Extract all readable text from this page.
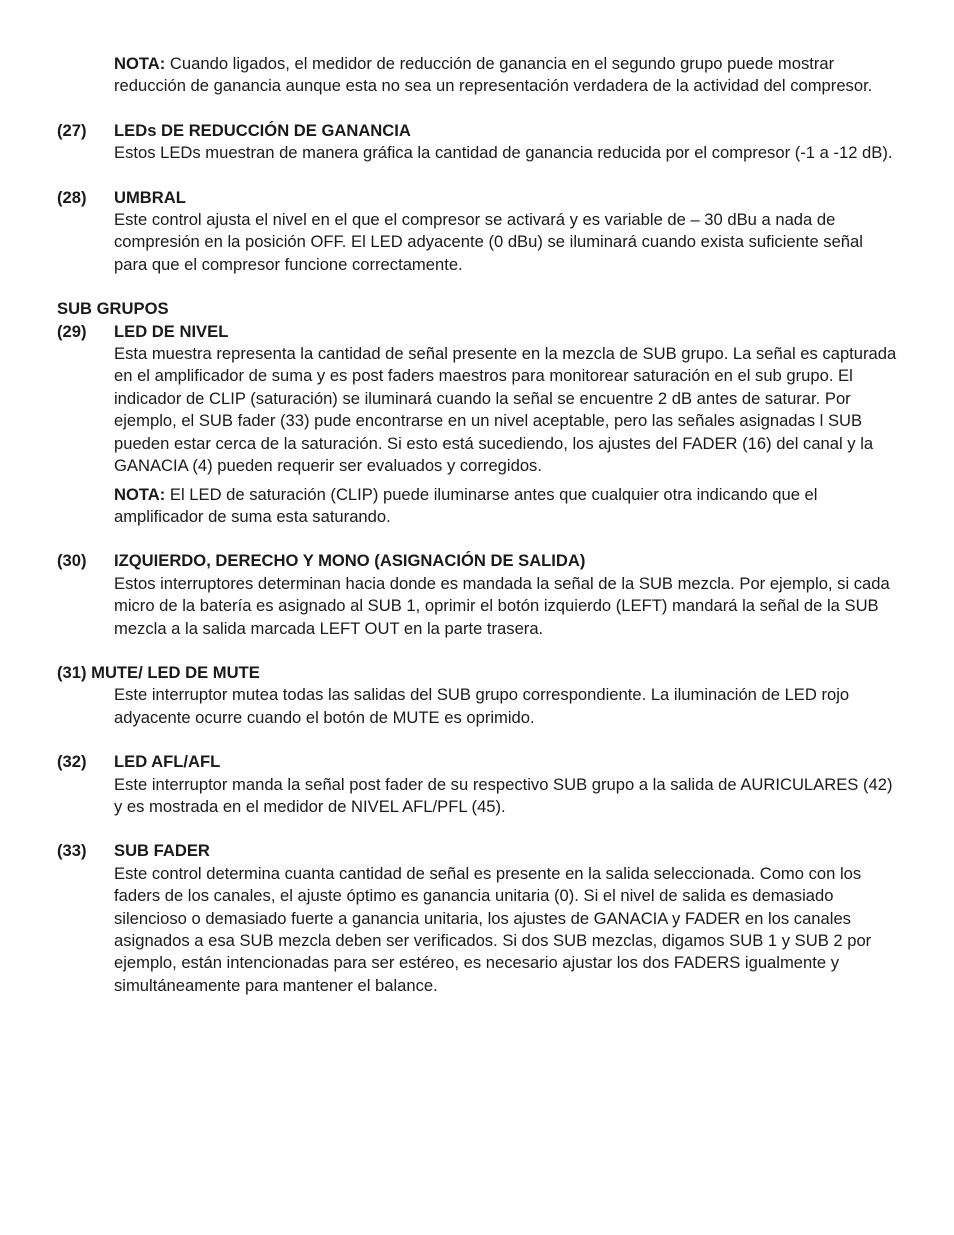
NOTA: Cuando ligados, el medidor de reducción de ganancia en el segundo grupo puede mostrar reducción de ganancia aunque esta no sea un representación verdadera de la actividad del compresor.

(27)	LEDs DE REDUCCIÓN DE GANANCIA

Estos LEDs muestran de manera gráfica la cantidad de ganancia reducida por el compresor (-1 a -12 dB).

(28)	UMBRAL

Este control ajusta el nivel en el que el compresor se activará y es variable de – 30 dBu a nada de compresión en la posición OFF. El LED adyacente (0 dBu) se iluminará cuando exista suficiente señal para que el compresor funcione correctamente.

SUB GRUPOS
(29)	LED DE NIVEL

Esta muestra representa la cantidad de señal presente en la mezcla de SUB grupo. La señal es capturada en el amplificador de suma y es post faders maestros para monitorear saturación en el sub grupo. El indicador de CLIP (saturación) se iluminará cuando la señal se encuentre 2 dB antes de saturar. Por ejemplo, el SUB fader (33) pude encontrarse en un nivel aceptable, pero las señales asignadas l SUB pueden estar cerca de la saturación. Si esto está sucediendo, los ajustes del FADER (16) del canal y la GANACIA (4) pueden requerir ser evaluados y corregidos.

NOTA: El LED de saturación (CLIP) puede iluminarse antes que cualquier otra indicando que el amplificador de suma esta saturando.

(30)	IZQUIERDO, DERECHO Y MONO (ASIGNACIÓN DE SALIDA)

Estos interruptores determinan hacia donde es mandada la señal de la SUB mezcla. Por ejemplo, si cada micro de la batería es asignado al SUB 1, oprimir el botón izquierdo (LEFT) mandará la señal de la SUB mezcla a la salida marcada LEFT OUT en la parte trasera.

(31) MUTE/ LED DE MUTE

Este interruptor mutea todas las salidas del SUB grupo correspondiente. La iluminación de LED rojo adyacente ocurre cuando el botón de MUTE es oprimido.

(32)	LED AFL/AFL

Este interruptor manda la señal post fader de su respectivo SUB grupo a la salida de AURICULARES (42) y es mostrada en el medidor de NIVEL AFL/PFL (45).

(33)	SUB FADER

Este control determina cuanta cantidad de señal es presente en la salida seleccionada. Como con los faders de los canales, el ajuste óptimo es ganancia unitaria (0). Si el nivel de salida es demasiado silencioso o demasiado fuerte a ganancia unitaria, los ajustes de GANACIA y FADER en los canales asignados a esa SUB mezcla deben ser verificados. Si dos SUB mezclas, digamos SUB 1 y SUB 2 por ejemplo, están intencionadas para ser estéreo, es necesario ajustar los dos FADERS igualmente y simultáneamente para mantener el balance.
